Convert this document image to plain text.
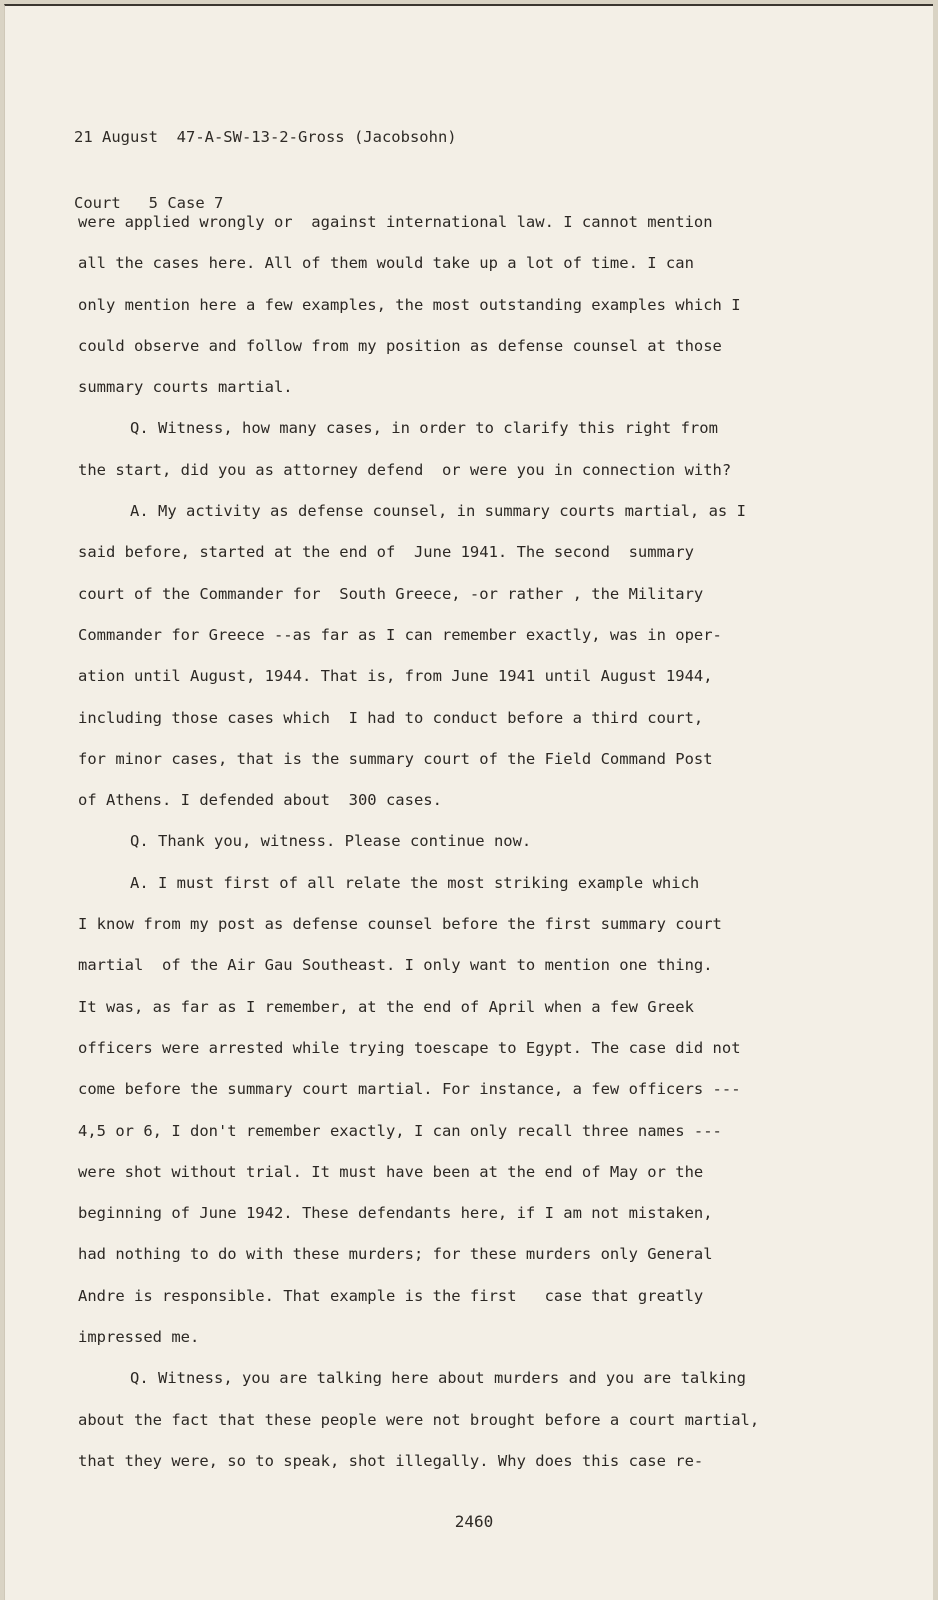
21 August  47-A-SW-13-2-Gross (Jacobsohn)

Court   5 Case 7

were applied wrongly or  against international law. I cannot mention
all the cases here. All of them would take up a lot of time. I can
only mention here a few examples, the most outstanding examples which I
could observe and follow from my position as defense counsel at those
summary courts martial.
Q. Witness, how many cases, in order to clarify this right from
the start, did you as attorney defend  or were you in connection with?
A. My activity as defense counsel, in summary courts martial, as I
said before, started at the end of  June 1941. The second  summary
court of the Commander for  South Greece, -or rather , the Military
Commander for Greece --as far as I can remember exactly, was in oper-
ation until August, 1944. That is, from June 1941 until August 1944,
including those cases which  I had to conduct before a third court,
for minor cases, that is the summary court of the Field Command Post
of Athens. I defended about  300 cases.
Q. Thank you, witness. Please continue now.
A. I must first of all relate the most striking example which
I know from my post as defense counsel before the first summary court
martial  of the Air Gau Southeast. I only want to mention one thing.
It was, as far as I remember, at the end of April when a few Greek
officers were arrested while trying toescape to Egypt. The case did not
come before the summary court martial. For instance, a few officers ---
4,5 or 6, I don't remember exactly, I can only recall three names ---
were shot without trial. It must have been at the end of May or the
beginning of June 1942. These defendants here, if I am not mistaken,
had nothing to do with these murders; for these murders only General
Andre is responsible. That example is the first   case that greatly
impressed me.
Q. Witness, you are talking here about murders and you are talking
about the fact that these people were not brought before a court martial,
that they were, so to speak, shot illegally. Why does this case re-
2460
